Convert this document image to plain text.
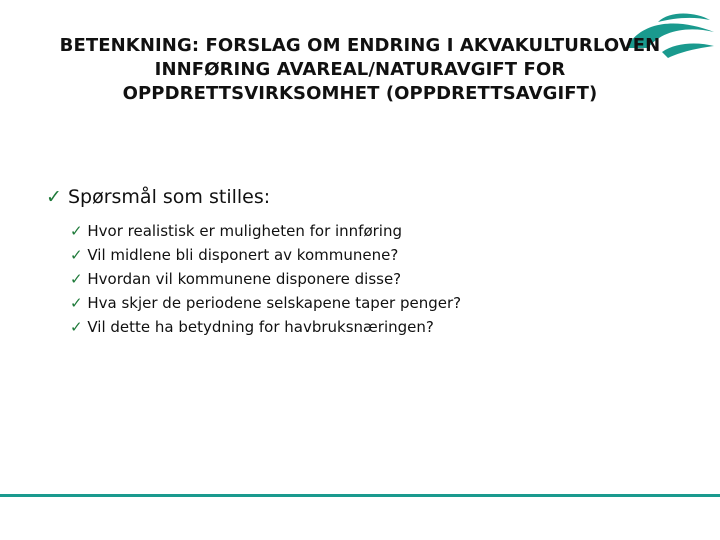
BETENKNING: FORSLAG OM ENDRING I AKVAKULTURLOVEN
INNFØRING AVAREAL/NATURAVGIFT FOR
OPPDRETTSVIRKSOMHET (OPPDRETTSAVGIFT)
✓ Spørsmål som stilles:
✓ Hvor realistisk er muligheten for innføring
✓ Vil midlene bli disponert av kommunene?
✓ Hvordan vil kommunene disponere disse?
✓ Hva skjer de periodene selskapene taper penger?
✓ Vil dette ha betydning for havbruksnæringen?
